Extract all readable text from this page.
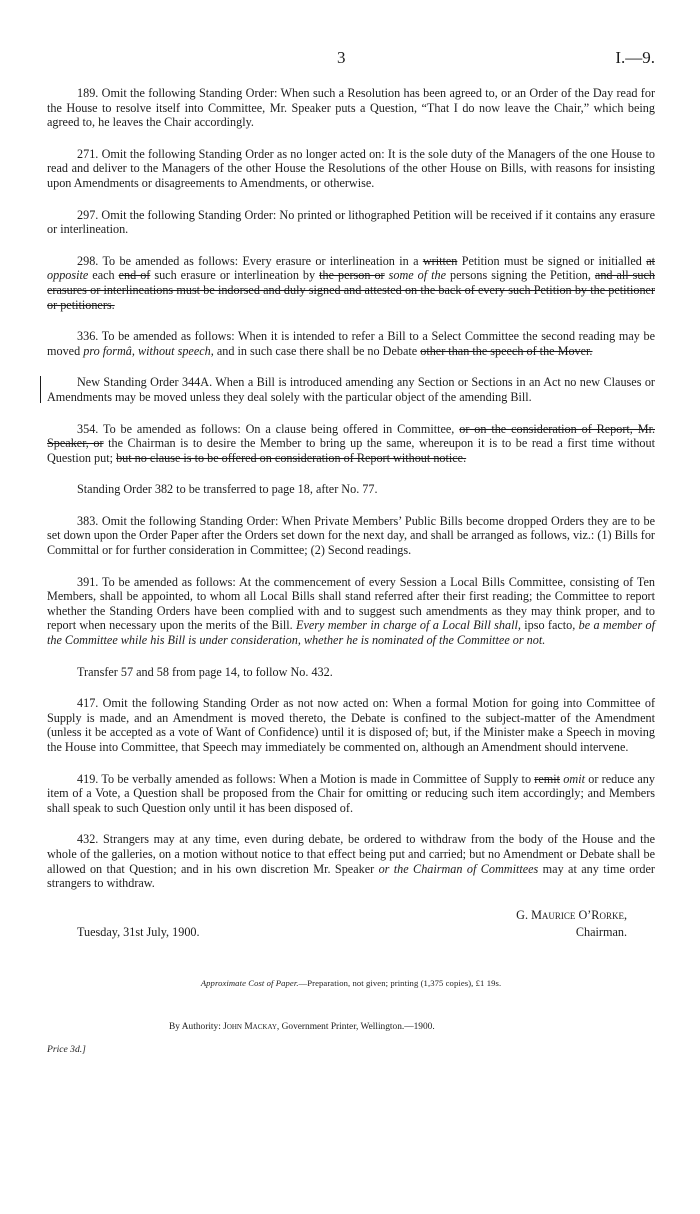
3	I.—9.

189. Omit the following Standing Order: When such a Resolution has been agreed to, or an Order of the Day read for the House to resolve itself into Committee, Mr. Speaker puts a Question, “That I do now leave the Chair,” which being agreed to, he leaves the Chair accordingly.

271. Omit the following Standing Order as no longer acted on: It is the sole duty of the Managers of the one House to read and deliver to the Managers of the other House the Resolutions of the other House on Bills, with reasons for insisting upon Amendments or disagreements to Amendments, or otherwise.

297. Omit the following Standing Order: No printed or lithographed Petition will be received if it contains any erasure or interlineation.

298. To be amended as follows: Every erasure or interlineation in a written Petition must be signed or initialled at opposite each end of such erasure or interlineation by the person or some of the persons signing the Petition, and all such erasures or interlineations must be indorsed and duly signed and attested on the back of every such Petition by the petitioner or petitioners.

336. To be amended as follows: When it is intended to refer a Bill to a Select Committee the second reading may be moved pro formâ, without speech, and in such case there shall be no Debate other than the speech of the Mover.

New Standing Order 344A. When a Bill is introduced amending any Section or Sections in an Act no new Clauses or Amendments may be moved unless they deal solely with the particular object of the amending Bill.

354. To be amended as follows: On a clause being offered in Committee, or on the consideration of Report, Mr. Speaker, or the Chairman is to desire the Member to bring up the same, whereupon it is to be read a first time without Question put; but no clause is to be offered on consideration of Report without notice.

Standing Order 382 to be transferred to page 18, after No. 77.

383. Omit the following Standing Order: When Private Members’ Public Bills become dropped Orders they are to be set down upon the Order Paper after the Orders set down for the next day, and shall be arranged as follows, viz.: (1) Bills for Committal or for further consideration in Committee; (2) Second readings.

391. To be amended as follows: At the commencement of every Session a Local Bills Committee, consisting of Ten Members, shall be appointed, to whom all Local Bills shall stand referred after their first reading; the Committee to report whether the Standing Orders have been complied with and to suggest such amendments as they may think proper, and to report when necessary upon the merits of the Bill. Every member in charge of a Local Bill shall, ipso facto, be a member of the Committee while his Bill is under consideration, whether he is nominated of the Committee or not.

Transfer 57 and 58 from page 14, to follow No. 432.

417. Omit the following Standing Order as not now acted on: When a formal Motion for going into Committee of Supply is made, and an Amendment is moved thereto, the Debate is confined to the subject-matter of the Amendment (unless it be accepted as a vote of Want of Confidence) until it is disposed of; but, if the Minister make a Speech in moving the House into Committee, that Speech may immediately be commented on, although an Amendment should intervene.

419. To be verbally amended as follows: When a Motion is made in Committee of Supply to remit omit or reduce any item of a Vote, a Question shall be proposed from the Chair for omitting or reducing such item accordingly; and Members shall speak to such Question only until it has been disposed of.

432. Strangers may at any time, even during debate, be ordered to withdraw from the body of the House and the whole of the galleries, on a motion without notice to that effect being put and carried; but no Amendment or Debate shall be allowed on that Question; and in his own discretion Mr. Speaker or the Chairman of Committees may at any time order strangers to withdraw.

G. Maurice O’Rorke,
Tuesday, 31st July, 1900.	Chairman.
Approximate Cost of Paper.—Preparation, not given; printing (1,375 copies), £1 19s.
By Authority: John Mackay, Government Printer, Wellington.—1900.
Price 3d.]
